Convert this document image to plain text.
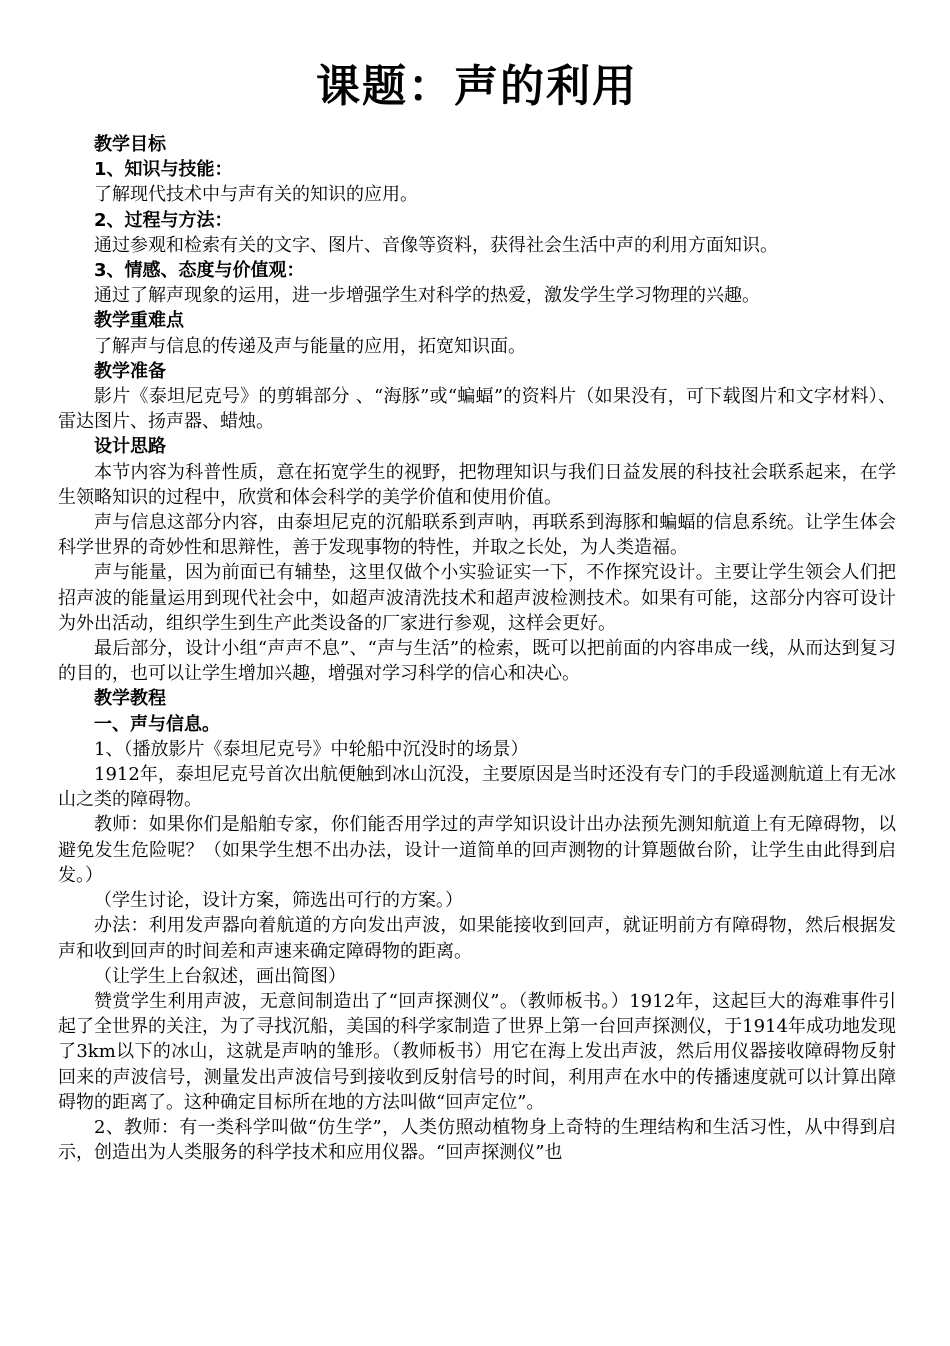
课题：声的利用

教学目标

1、知识与技能：

了解现代技术中与声有关的知识的应用。

2、过程与方法：

通过参观和检索有关的文字、图片、音像等资料，获得社会生活中声的利用方面知识。

3、情感、态度与价值观：

通过了解声现象的运用，进一步增强学生对科学的热爱，激发学生学习物理的兴趣。

教学重难点

了解声与信息的传递及声与能量的应用，拓宽知识面。

教学准备

影片《泰坦尼克号》的剪辑部分 、“海豚”或“蝙蝠”的资料片（如果没有，可下载图片和文字材料）、雷达图片、扬声器、蜡烛。

设计思路

本节内容为科普性质，意在拓宽学生的视野，把物理知识与我们日益发展的科技社会联系起来，在学生领略知识的过程中，欣赏和体会科学的美学价值和使用价值。

声与信息这部分内容，由泰坦尼克的沉船联系到声呐，再联系到海豚和蝙蝠的信息系统。让学生体会科学世界的奇妙性和思辩性，善于发现事物的特性，并取之长处，为人类造福。

声与能量，因为前面已有辅垫，这里仅做个小实验证实一下，不作探究设计。主要让学生领会人们把招声波的能量运用到现代社会中，如超声波清洗技术和超声波检测技术。如果有可能，这部分内容可设计为外出活动，组织学生到生产此类设备的厂家进行参观，这样会更好。

最后部分，设计小组“声声不息”、“声与生活”的检索，既可以把前面的内容串成一线，从而达到复习的目的，也可以让学生增加兴趣，增强对学习科学的信心和决心。

教学教程

一、声与信息。

1、（播放影片《泰坦尼克号》中轮船中沉没时的场景）

1912年，泰坦尼克号首次出航便触到冰山沉没，主要原因是当时还没有专门的手段遥测航道上有无冰山之类的障碍物。

教师：如果你们是船舶专家，你们能否用学过的声学知识设计出办法预先测知航道上有无障碍物，以避免发生危险呢？（如果学生想不出办法，设计一道简单的回声测物的计算题做台阶，让学生由此得到启发。）

（学生讨论，设计方案，筛选出可行的方案。）

办法：利用发声器向着航道的方向发出声波，如果能接收到回声，就证明前方有障碍物，然后根据发声和收到回声的时间差和声速来确定障碍物的距离。

（让学生上台叙述，画出简图）

赞赏学生利用声波，无意间制造出了“回声探测仪”。（教师板书。）1912年，这起巨大的海难事件引起了全世界的关注，为了寻找沉船，美国的科学家制造了世界上第一台回声探测仪，于1914年成功地发现了3km以下的冰山，这就是声呐的雏形。（教师板书）用它在海上发出声波，然后用仪器接收障碍物反射回来的声波信号，测量发出声波信号到接收到反射信号的时间，利用声在水中的传播速度就可以计算出障碍物的距离了。这种确定目标所在地的方法叫做“回声定位”。

2、教师：有一类科学叫做“仿生学”，人类仿照动植物身上奇特的生理结构和生活习性，从中得到启示，创造出为人类服务的科学技术和应用仪器。“回声探测仪”也
